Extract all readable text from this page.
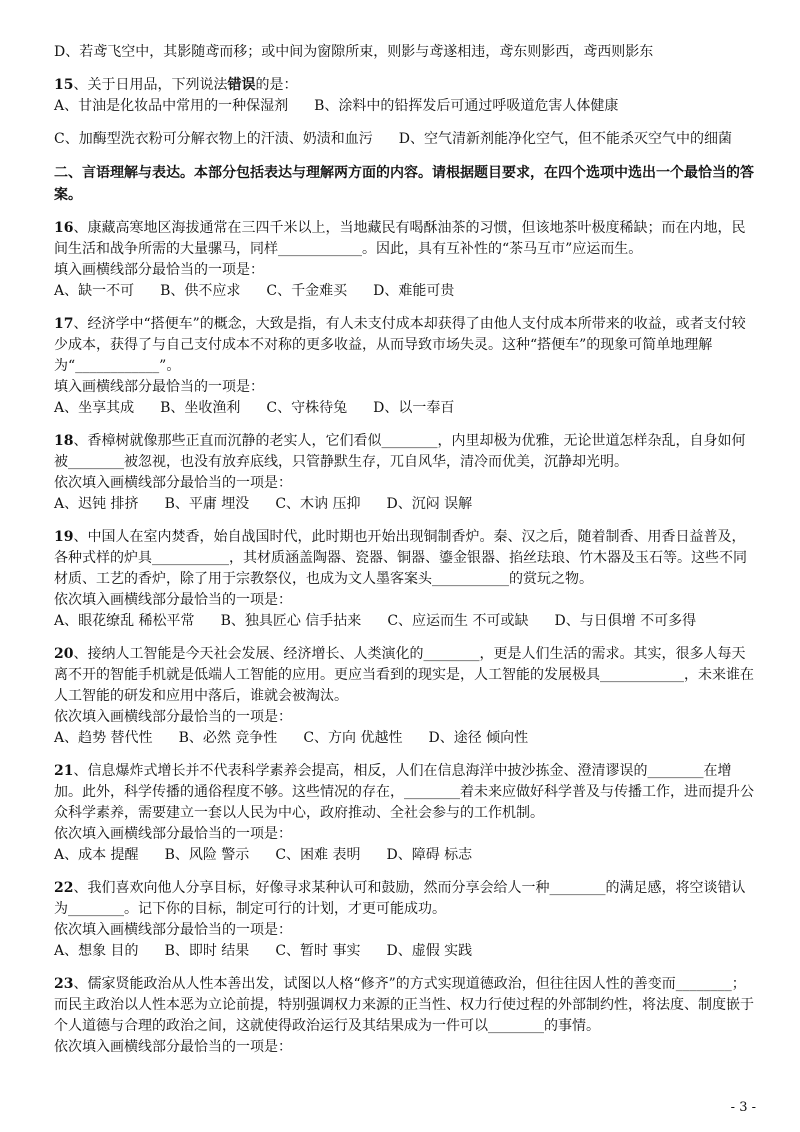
D、若鸢飞空中，其影随鸢而移；或中间为窗隙所束，则影与鸢遂相违，鸢东则影西，鸢西则影东
15、关于日用品，下列说法错误的是：
A、甘油是化妆品中常用的一种保湿剂 B、涂料中的铅挥发后可通过呼吸道危害人体健康
C、加酶型洗衣粉可分解衣物上的汗渍、奶渍和血污 D、空气清新剂能净化空气，但不能杀灭空气中的细菌
二、言语理解与表达。本部分包括表达与理解两方面的内容。请根据题目要求，在四个选项中选出一个最恰当的答案。
16、康藏高寒地区海拔通常在三四千米以上，当地藏民有喝酥油茶的习惯，但该地茶叶极度稀缺；而在内地，民间生活和战争所需的大量骡马，同样____________。因此，具有互补性的“茶马互市”应运而生。
填入画横线部分最恰当的一项是：
A、缺一不可 B、供不应求 C、千金难买 D、难能可贵
17、经济学中“搭便车”的概念，大致是指，有人未支付成本却获得了由他人支付成本所带来的收益，或者支付较少成本，获得了与自己支付成本不对称的更多收益，从而导致市场失灵。这种“搭便车”的现象可简单地理解为“____________”。
填入画横线部分最恰当的一项是：
A、坐享其成 B、坐收渔利 C、守株待兔 D、以一奉百
18、香樟树就像那些正直而沉静的老实人，它们看似________，内里却极为优雅，无论世道怎样杂乱，自身如何被________被忽视，也没有放弃底线，只管静默生存，兀自风华，清冷而优美，沉静却光明。
依次填入画横线部分最恰当的一项是：
A、迟钝 排挤 B、平庸 埋没 C、木讷 压抑 D、沉闷 误解
19、中国人在室内焚香，始自战国时代，此时期也开始出现铜制香炉。秦、汉之后，随着制香、用香日益普及，各种式样的炉具___________，其材质涵盖陶器、瓷器、铜器、鎏金银器、掐丝珐琅、竹木器及玉石等。这些不同材质、工艺的香炉，除了用于宗教祭仪，也成为文人墨客案头___________的赏玩之物。
依次填入画横线部分最恰当的一项是：
A、眼花缭乱 稀松平常 B、独具匠心 信手拈来 C、应运而生 不可或缺 D、与日俱增 不可多得
20、接纳人工智能是今天社会发展、经济增长、人类演化的________，更是人们生活的需求。其实，很多人每天离不开的智能手机就是低端人工智能的应用。更应当看到的现实是，人工智能的发展极具____________，未来谁在人工智能的研发和应用中落后，谁就会被淘汰。
依次填入画横线部分最恰当的一项是：
A、趋势 替代性 B、必然 竞争性 C、方向 优越性 D、途径 倾向性
21、信息爆炸式增长并不代表科学素养会提高，相反，人们在信息海洋中披沙拣金、澄清谬误的________在增加。此外，科学传播的通俗程度不够。这些情况的存在，________着未来应做好科学普及与传播工作，进而提升公众科学素养，需要建立一套以人民为中心，政府推动、全社会参与的工作机制。
依次填入画横线部分最恰当的一项是：
A、成本 提醒 B、风险 警示 C、困难 表明 D、障碍 标志
22、我们喜欢向他人分享目标，好像寻求某种认可和鼓励，然而分享会给人一种________的满足感，将空谈错认为________。记下你的目标，制定可行的计划，才更可能成功。
依次填入画横线部分最恰当的一项是：
A、想象 目的 B、即时 结果 C、暂时 事实 D、虚假 实践
23、儒家贤能政治从人性本善出发，试图以人格“修齐”的方式实现道德政治，但往往因人性的善变而________；而民主政治以人性本恶为立论前提，特别强调权力来源的正当性、权力行使过程的外部制约性，将法度、制度嵌于个人道德与合理的政治之间，这就使得政治运行及其结果成为一件可以________的事情。
依次填入画横线部分最恰当的一项是：
- 3 -
